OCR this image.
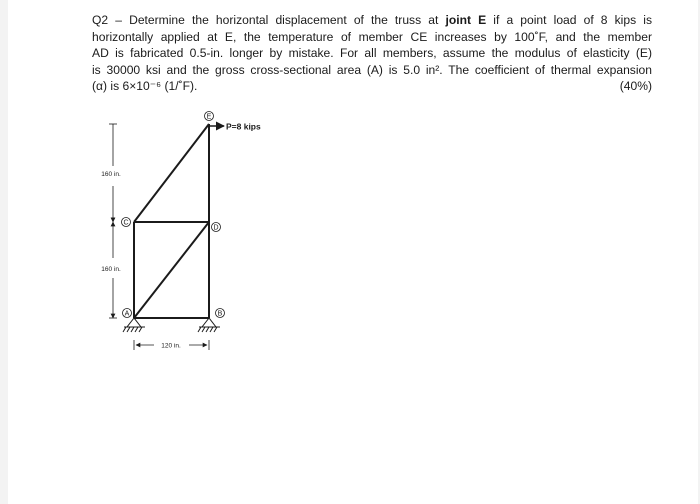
Q2 – Determine the horizontal displacement of the truss at joint E if a point load of 8 kips is
horizontally applied at E, the temperature of member CE increases by 100˚F, and the member
AD is fabricated 0.5-in. longer by mistake. For all members, assume the modulus of elasticity (E)
is 30000 ksi and the gross cross-sectional area (A) is 5.0 in². The coefficient of thermal expansion
(α) is 6×10⁻⁶ (1/˚F).	(40%)
E
D
C
B
A
P=8 kips
160 in.
160 in.
120 in.
